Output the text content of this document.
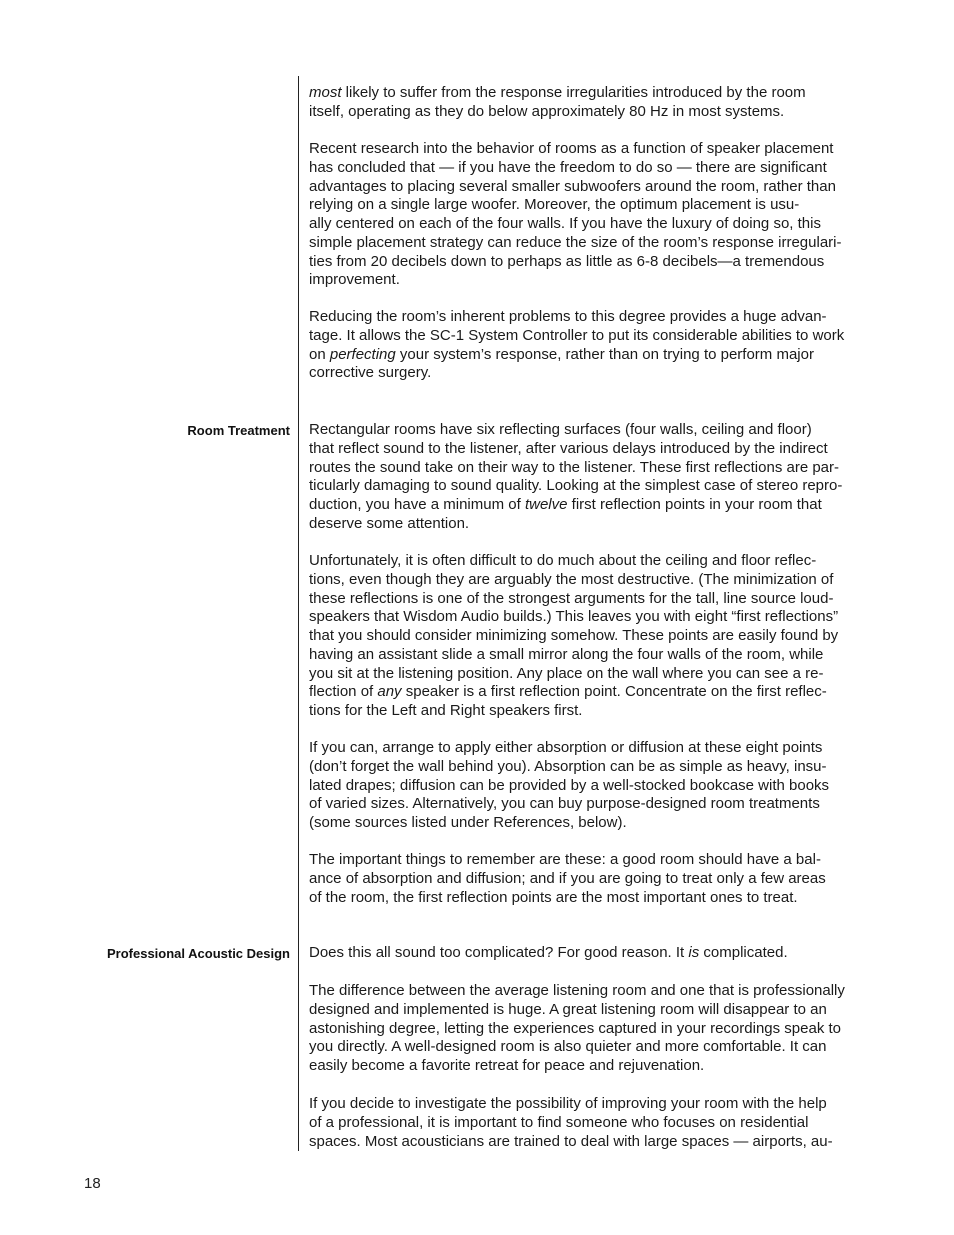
Room Treatment
Professional Acoustic Design

most likely to suffer from the response irregularities introduced by the room
itself, operating as they do below approximately 80 Hz in most systems.

Recent research into the behavior of rooms as a function of speaker placement
has concluded that — if you have the freedom to do so — there are significant
advantages to placing several smaller subwoofers around the room, rather than
relying on a single large woofer. Moreover, the optimum placement is usu-
ally centered on each of the four walls. If you have the luxury of doing so, this
simple placement strategy can reduce the size of the room’s response irregulari-
ties from 20 decibels down to perhaps as little as 6-8 decibels—a tremendous
improvement.

Reducing the room’s inherent problems to this degree provides a huge advan-
tage. It allows the SC-1 System Controller to put its considerable abilities to work
on perfecting your system’s response, rather than on trying to perform major
corrective surgery.

Rectangular rooms have six reflecting surfaces (four walls, ceiling and floor)
that reflect sound to the listener, after various delays introduced by the indirect
routes the sound take on their way to the listener. These first reflections are par-
ticularly damaging to sound quality. Looking at the simplest case of stereo repro-
duction, you have a minimum of twelve first reflection points in your room that
deserve some attention.

Unfortunately, it is often difficult to do much about the ceiling and floor reflec-
tions, even though they are arguably the most destructive. (The minimization of
these reflections is one of the strongest arguments for the tall, line source loud-
speakers that Wisdom Audio builds.) This leaves you with eight “first reflections”
that you should consider minimizing somehow. These points are easily found by
having an assistant slide a small mirror along the four walls of the room, while
you sit at the listening position. Any place on the wall where you can see a re-
flection of any speaker is a first reflection point. Concentrate on the first reflec-
tions for the Left and Right speakers first.

If you can, arrange to apply either absorption or diffusion at these eight points
(don’t forget the wall behind you). Absorption can be as simple as heavy, insu-
lated drapes; diffusion can be provided by a well-stocked bookcase with books
of varied sizes. Alternatively, you can buy purpose-designed room treatments
(some sources listed under References, below).

The important things to remember are these: a good room should have a bal-
ance of absorption and diffusion; and if you are going to treat only a few areas
of the room, the first reflection points are the most important ones to treat.

Does this all sound too complicated? For good reason. It is complicated.

The difference between the average listening room and one that is professionally
designed and implemented is huge. A great listening room will disappear to an
astonishing degree, letting the experiences captured in your recordings speak to
you directly. A well-designed room is also quieter and more comfortable. It can
easily become a favorite retreat for peace and rejuvenation.

If you decide to investigate the possibility of improving your room with the help
of a professional, it is important to find someone who focuses on residential
spaces. Most acousticians are trained to deal with large spaces — airports, au-

18
